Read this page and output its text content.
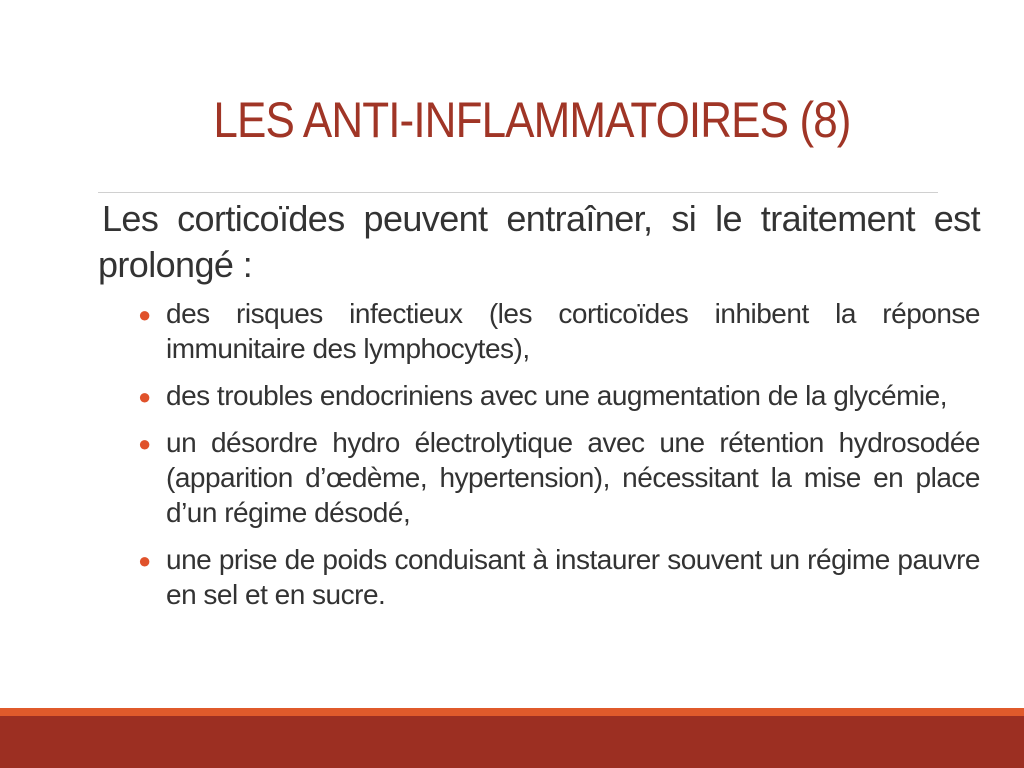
LES ANTI-INFLAMMATOIRES (8)

Les corticoïdes peuvent entraîner, si le traitement est prolongé :

● des risques infectieux (les corticoïdes inhibent la réponse immunitaire des lymphocytes),
● des troubles endocriniens avec une augmentation de la glycémie,
● un désordre hydro électrolytique avec une rétention hydrosodée (apparition d’œdème, hypertension), nécessitant la mise en place d’un régime désodé,
● une prise de poids conduisant à instaurer souvent un régime pauvre en sel et en sucre.
